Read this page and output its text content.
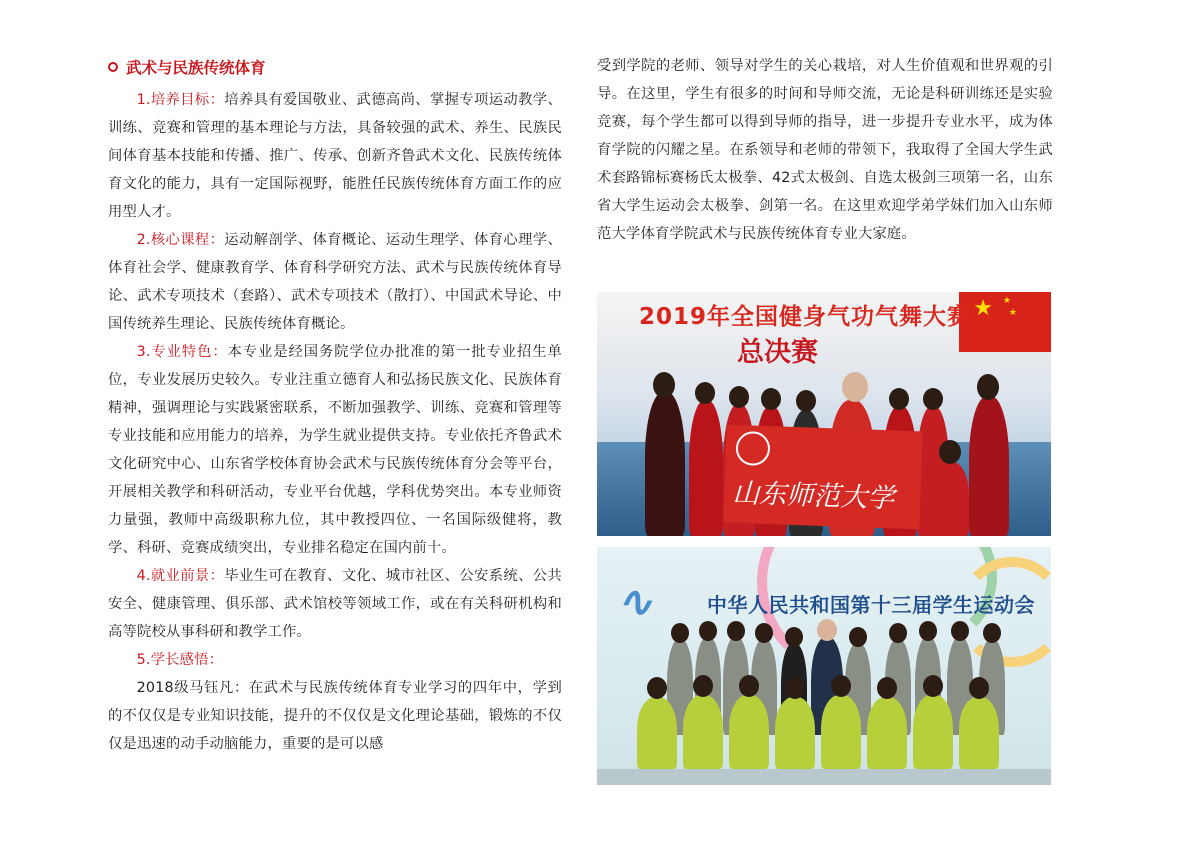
武术与民族传统体育

1.培养目标：培养具有爱国敬业、武德高尚、掌握专项运动教学、训练、竞赛和管理的基本理论与方法，具备较强的武术、养生、民族民间体育基本技能和传播、推广、传承、创新齐鲁武术文化、民族传统体育文化的能力，具有一定国际视野，能胜任民族传统体育方面工作的应用型人才。

2.核心课程：运动解剖学、体育概论、运动生理学、体育心理学、体育社会学、健康教育学、体育科学研究方法、武术与民族传统体育导论、武术专项技术（套路）、武术专项技术（散打）、中国武术导论、中国传统养生理论、民族传统体育概论。

3.专业特色：本专业是经国务院学位办批准的第一批专业招生单位，专业发展历史较久。专业注重立德育人和弘扬民族文化、民族体育精神，强调理论与实践紧密联系，不断加强教学、训练、竞赛和管理等专业技能和应用能力的培养，为学生就业提供支持。专业依托齐鲁武术文化研究中心、山东省学校体育协会武术与民族传统体育分会等平台，开展相关教学和科研活动，专业平台优越，学科优势突出。本专业师资力量强，教师中高级职称九位，其中教授四位、一名国际级健将，教学、科研、竞赛成绩突出，专业排名稳定在国内前十。

4.就业前景：毕业生可在教育、文化、城市社区、公安系统、公共安全、健康管理、俱乐部、武术馆校等领域工作，或在有关科研机构和高等院校从事科研和教学工作。

5.学长感悟：

2018级马钰凡：在武术与民族传统体育专业学习的四年中，学到的不仅仅是专业知识技能，提升的不仅仅是文化理论基础，锻炼的不仅仅是迅速的动手动脑能力，重要的是可以感

受到学院的老师、领导对学生的关心栽培，对人生价值观和世界观的引导。在这里，学生有很多的时间和导师交流，无论是科研训练还是实验竞赛，每个学生都可以得到导师的指导，进一步提升专业水平，成为体育学院的闪耀之星。在系领导和老师的带领下，我取得了全国大学生武术套路锦标赛杨氏太极拳、42式太极剑、自选太极剑三项第一名，山东省大学生运动会太极拳、剑第一名。在这里欢迎学弟学妹们加入山东师范大学体育学院武术与民族传统体育专业大家庭。

★ ★
★
2019年全国健身气功气舞大赛
总决赛
山东师范大学
∿	中华人民共和国第十三届学生运动会
